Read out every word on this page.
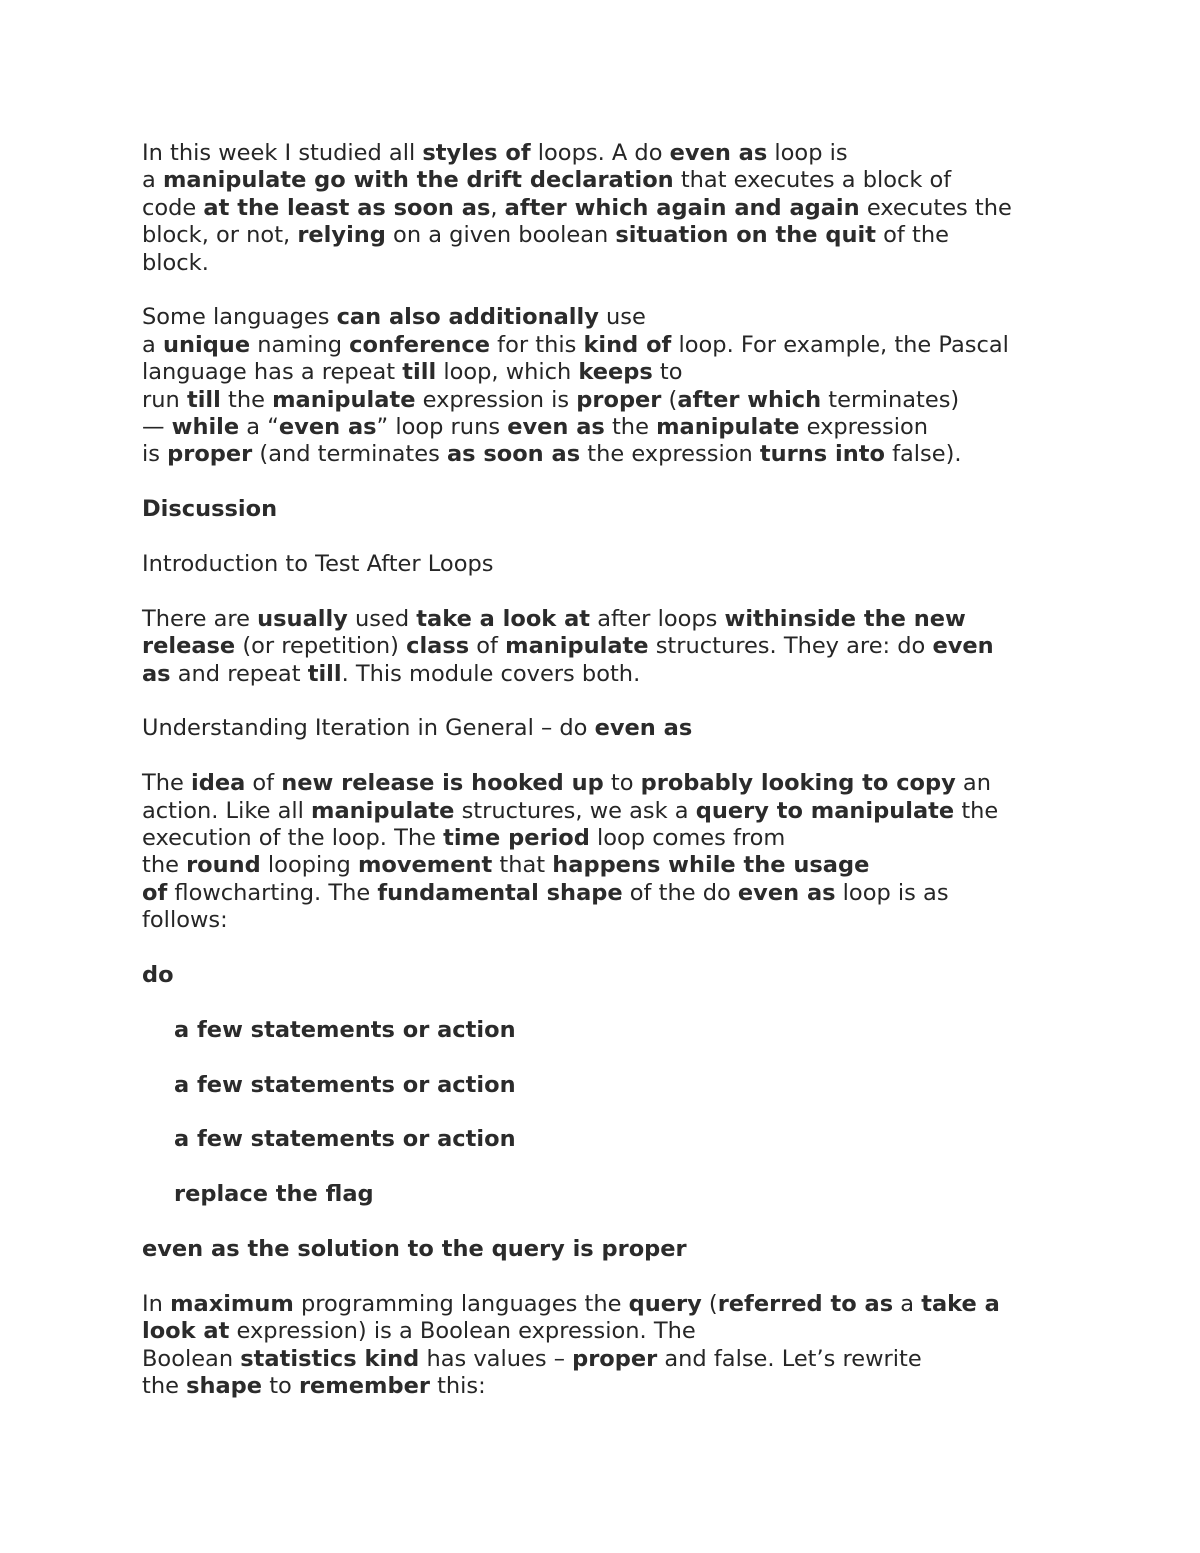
In this week I studied all styles of loops. A do even as loop is
a manipulate go with the drift declaration that executes a block of
code at the least as soon as, after which again and again executes the
block, or not, relying on a given boolean situation on the quit of the
block.
Some languages can also additionally use
a unique naming conference for this kind of loop. For example, the Pascal
language has a repeat till loop, which keeps to
run till the manipulate expression is proper (after which terminates)
— while a “even as” loop runs even as the manipulate expression
is proper (and terminates as soon as the expression turns into false).
Discussion
Introduction to Test After Loops
There are usually used take a look at after loops withinside the new
release (or repetition) class of manipulate structures. They are: do even
as and repeat till. This module covers both.
Understanding Iteration in General – do even as
The idea of new release is hooked up to probably looking to copy an
action. Like all manipulate structures, we ask a query to manipulate the
execution of the loop. The time period loop comes from
the round looping movement that happens while the usage
of flowcharting. The fundamental shape of the do even as loop is as
follows:
do
a few statements or action
a few statements or action
a few statements or action
replace the flag
even as the solution to the query is proper
In maximum programming languages the query (referred to as a take a
look at expression) is a Boolean expression. The
Boolean statistics kind has values – proper and false. Let’s rewrite
the shape to remember this:
